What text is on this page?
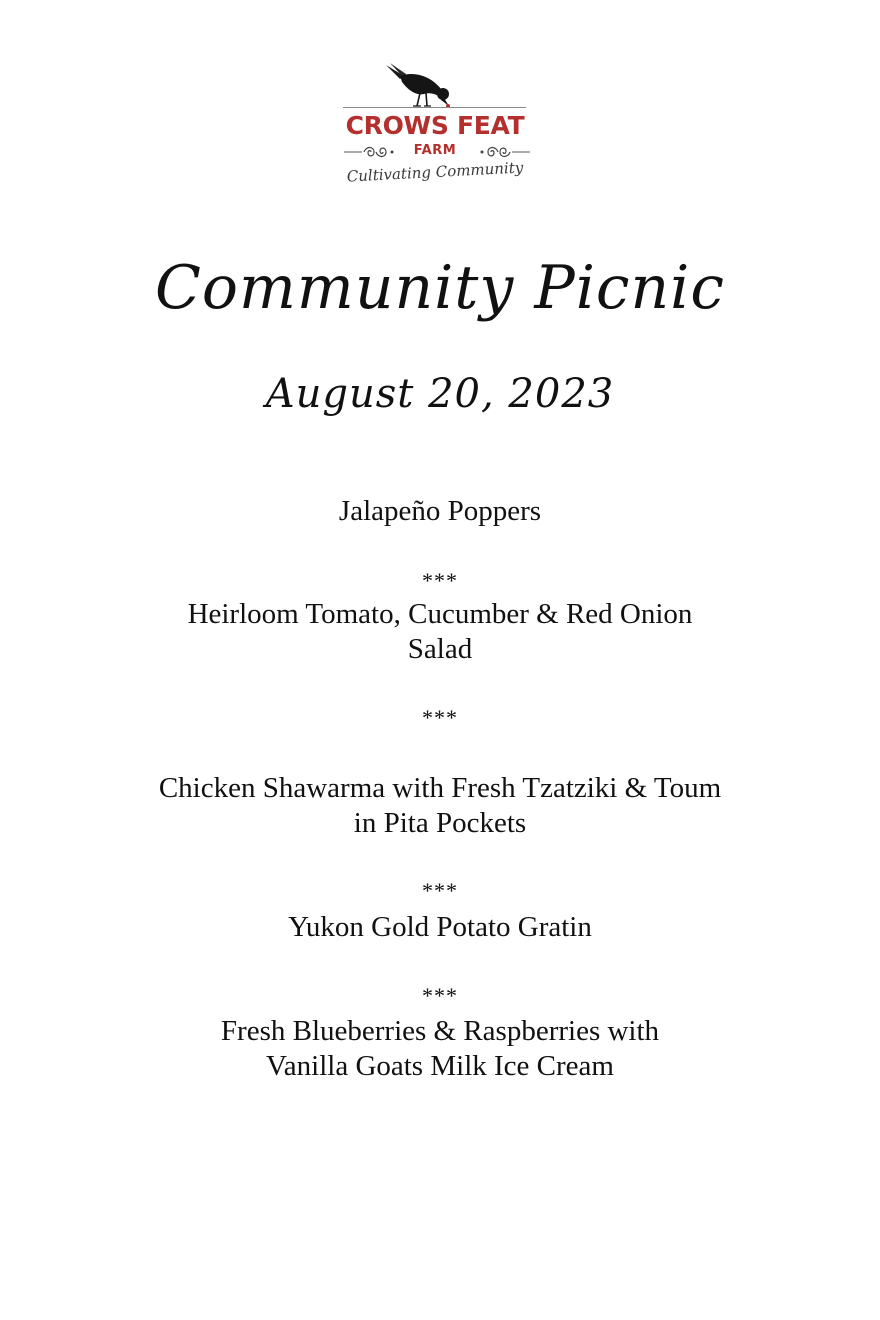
CROWS FEAT
FARM
Cultivating Community
Community Picnic
August 20, 2023
Jalapeño Poppers
***
Heirloom Tomato, Cucumber & Red Onion
Salad
***
Chicken Shawarma with Fresh Tzatziki & Toum
in Pita Pockets
***
Yukon Gold Potato Gratin
***
Fresh Blueberries & Raspberries with
Vanilla Goats Milk Ice Cream
